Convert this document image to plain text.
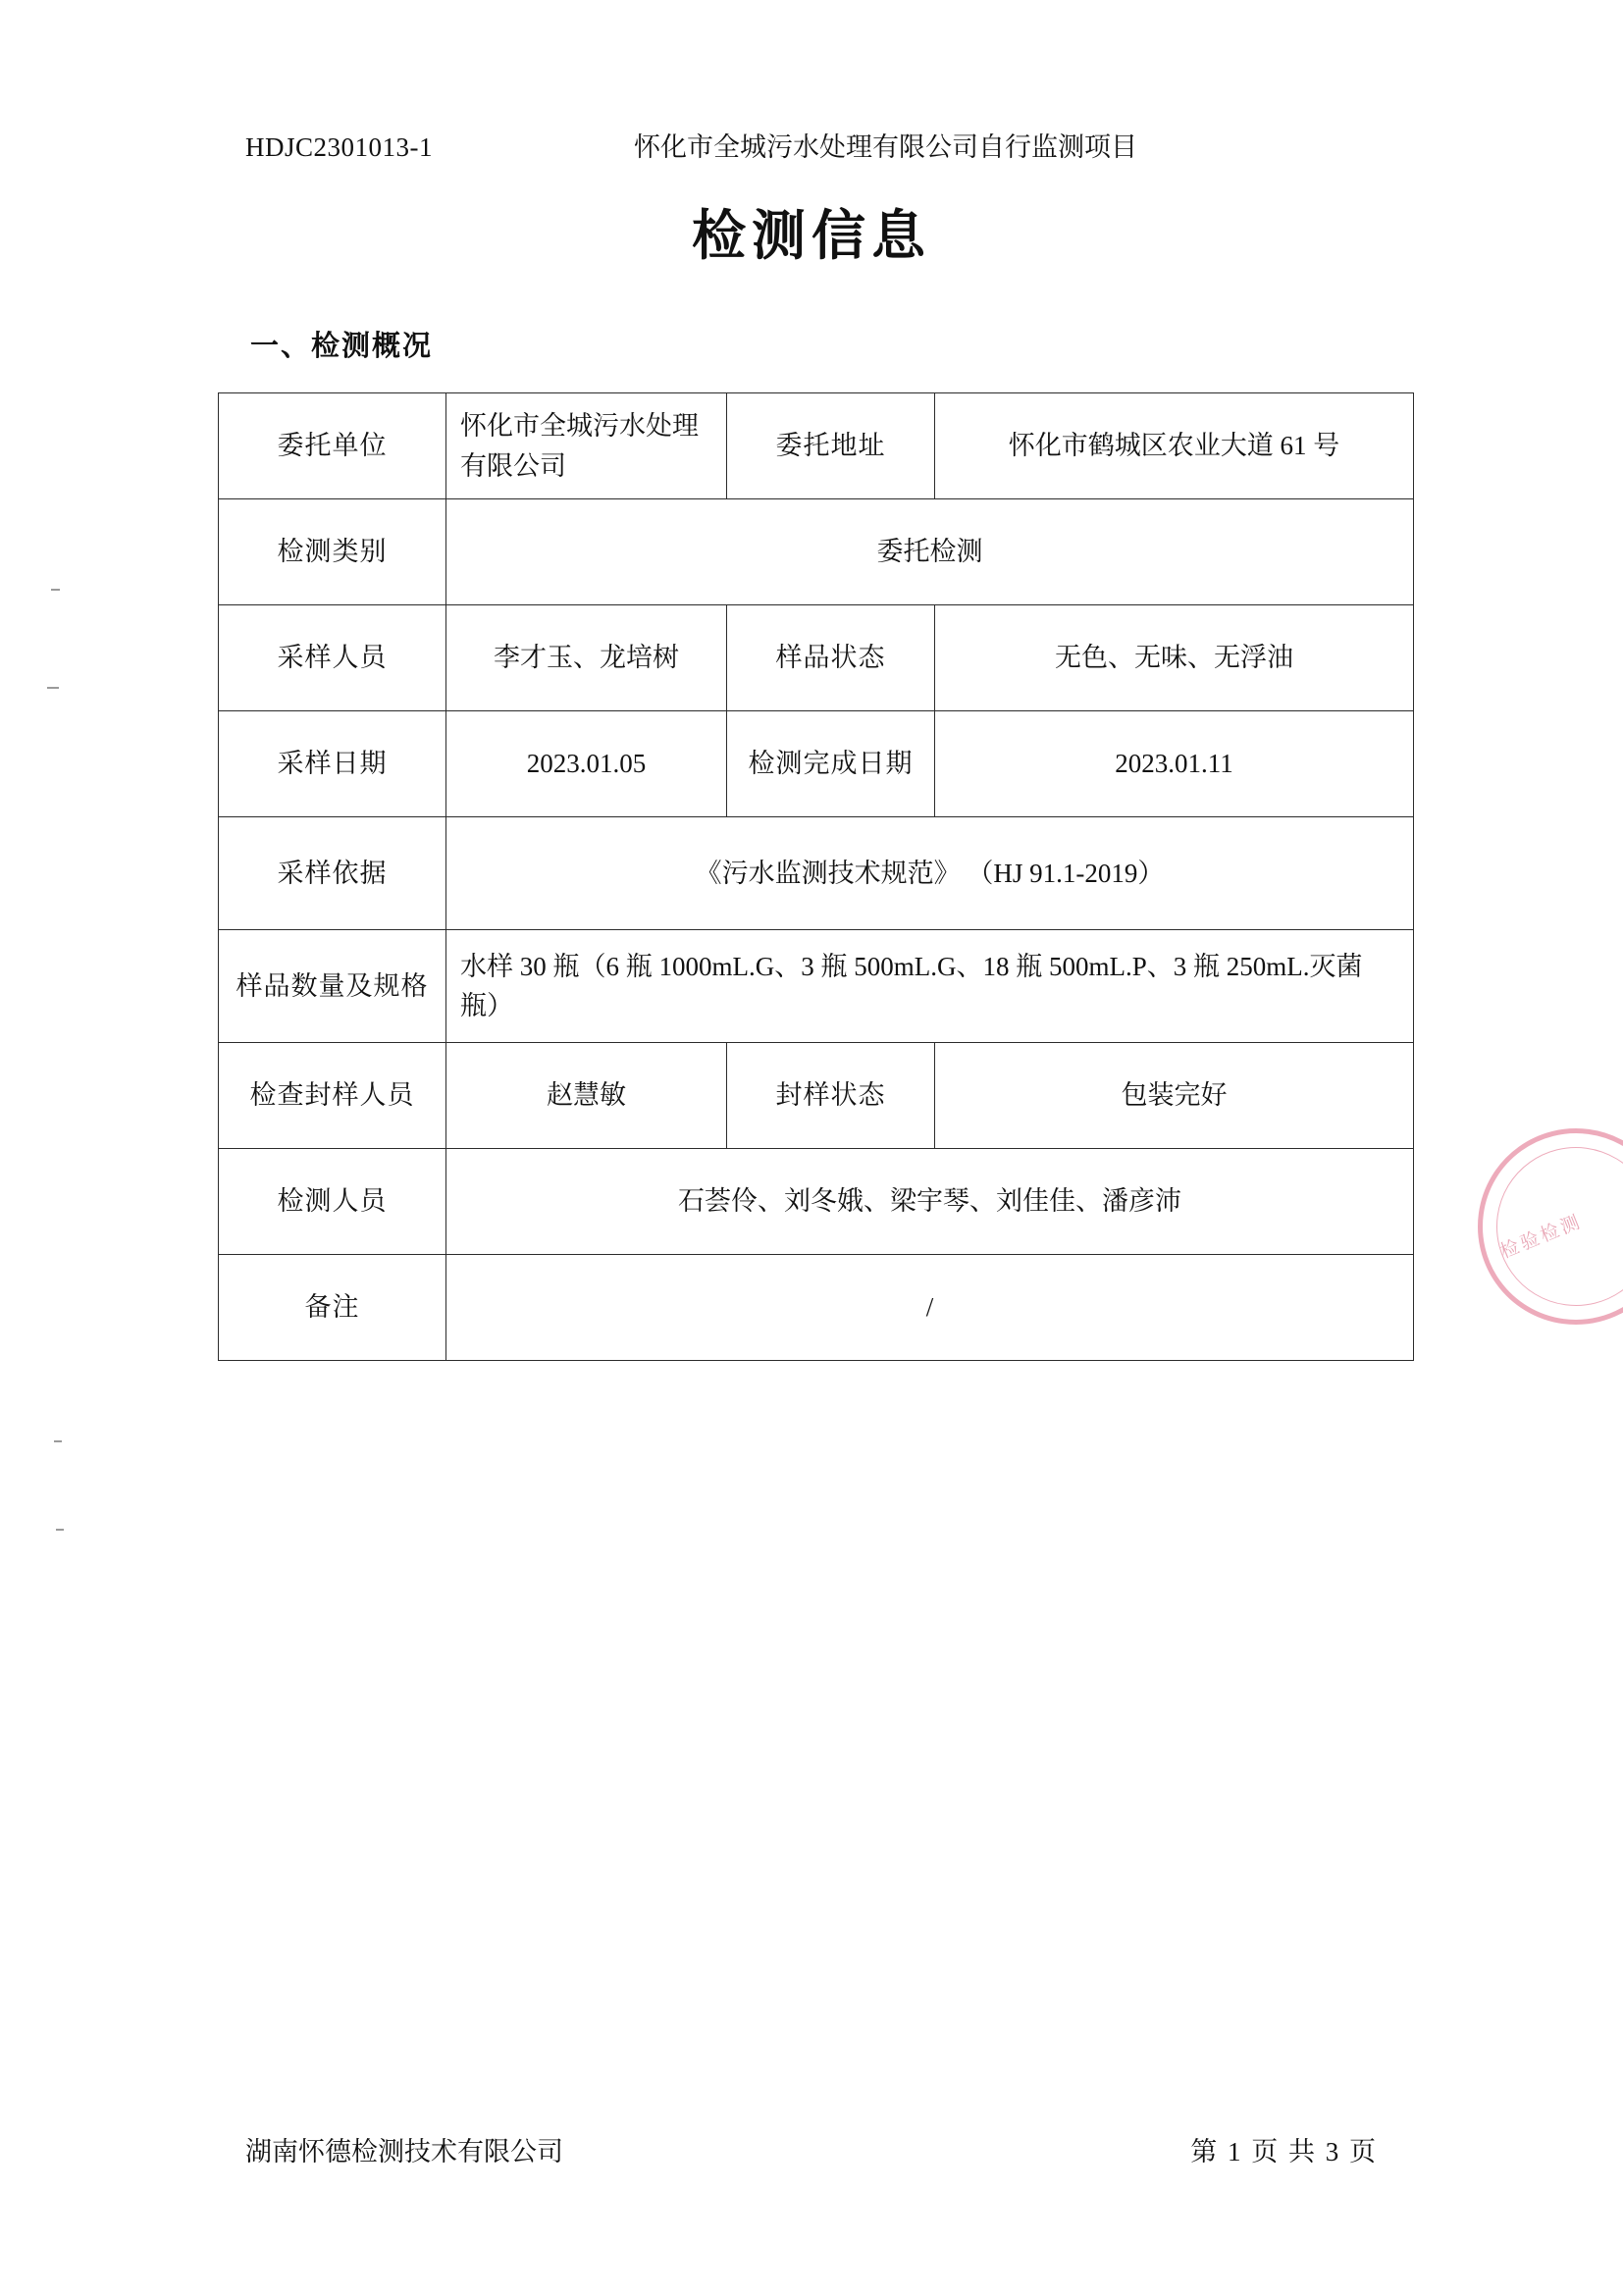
HDJC2301013-1	怀化市全城污水处理有限公司自行监测项目
检测信息
一、检测概况
委托单位	怀化市全城污水处理有限公司	委托地址	怀化市鹤城区农业大道 61 号
检测类别	委托检测		
采样人员	李才玉、龙培树	样品状态	无色、无味、无浮油
采样日期	2023.01.05	检测完成日期	2023.01.11
采样依据	《污水监测技术规范》 （HJ 91.1-2019）		
样品数量及规格	水样 30 瓶（6 瓶 1000mL.G、3 瓶 500mL.G、18 瓶 500mL.P、3 瓶 250mL.灭菌瓶）		
检查封样人员	赵慧敏	封样状态	包装完好
检测人员	石荟伶、刘冬娥、梁宇琴、刘佳佳、潘彦沛		
备注	/		
检验检测
湖南怀德检测技术有限公司	第 1 页 共 3 页
